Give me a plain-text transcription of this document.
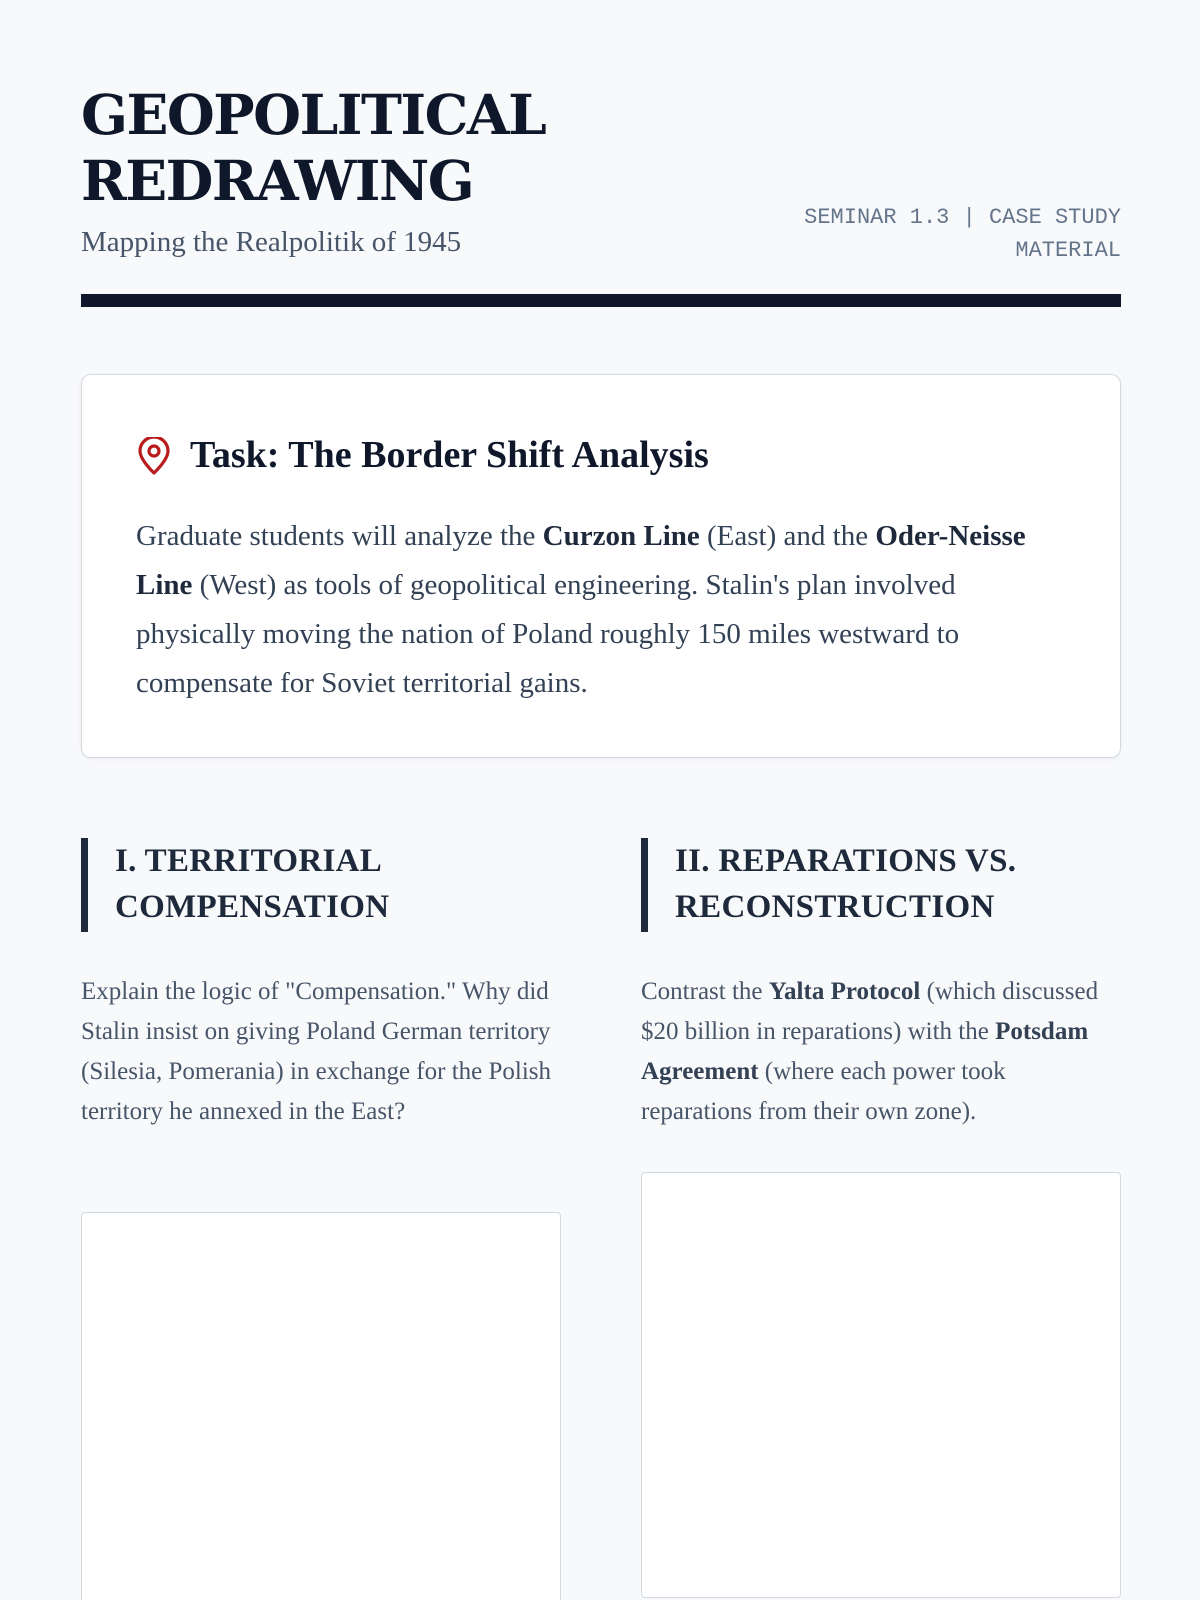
GEOPOLITICAL
REDRAWING
Mapping the Realpolitik of 1945
SEMINAR 1.3 | CASE STUDY
MATERIAL
Task: The Border Shift Analysis

Graduate students will analyze the Curzon Line (East) and the Oder-Neisse Line (West) as tools of geopolitical engineering. Stalin's plan involved physically moving the nation of Poland roughly 150 miles westward to compensate for Soviet territorial gains.

I. TERRITORIAL
COMPENSATION

Explain the logic of "Compensation." Why did Stalin insist on giving Poland German territory (Silesia, Pomerania) in exchange for the Polish territory he annexed in the East?

II. REPARATIONS VS.
RECONSTRUCTION

Contrast the Yalta Protocol (which discussed $20 billion in reparations) with the Potsdam Agreement (where each power took reparations from their own zone).
